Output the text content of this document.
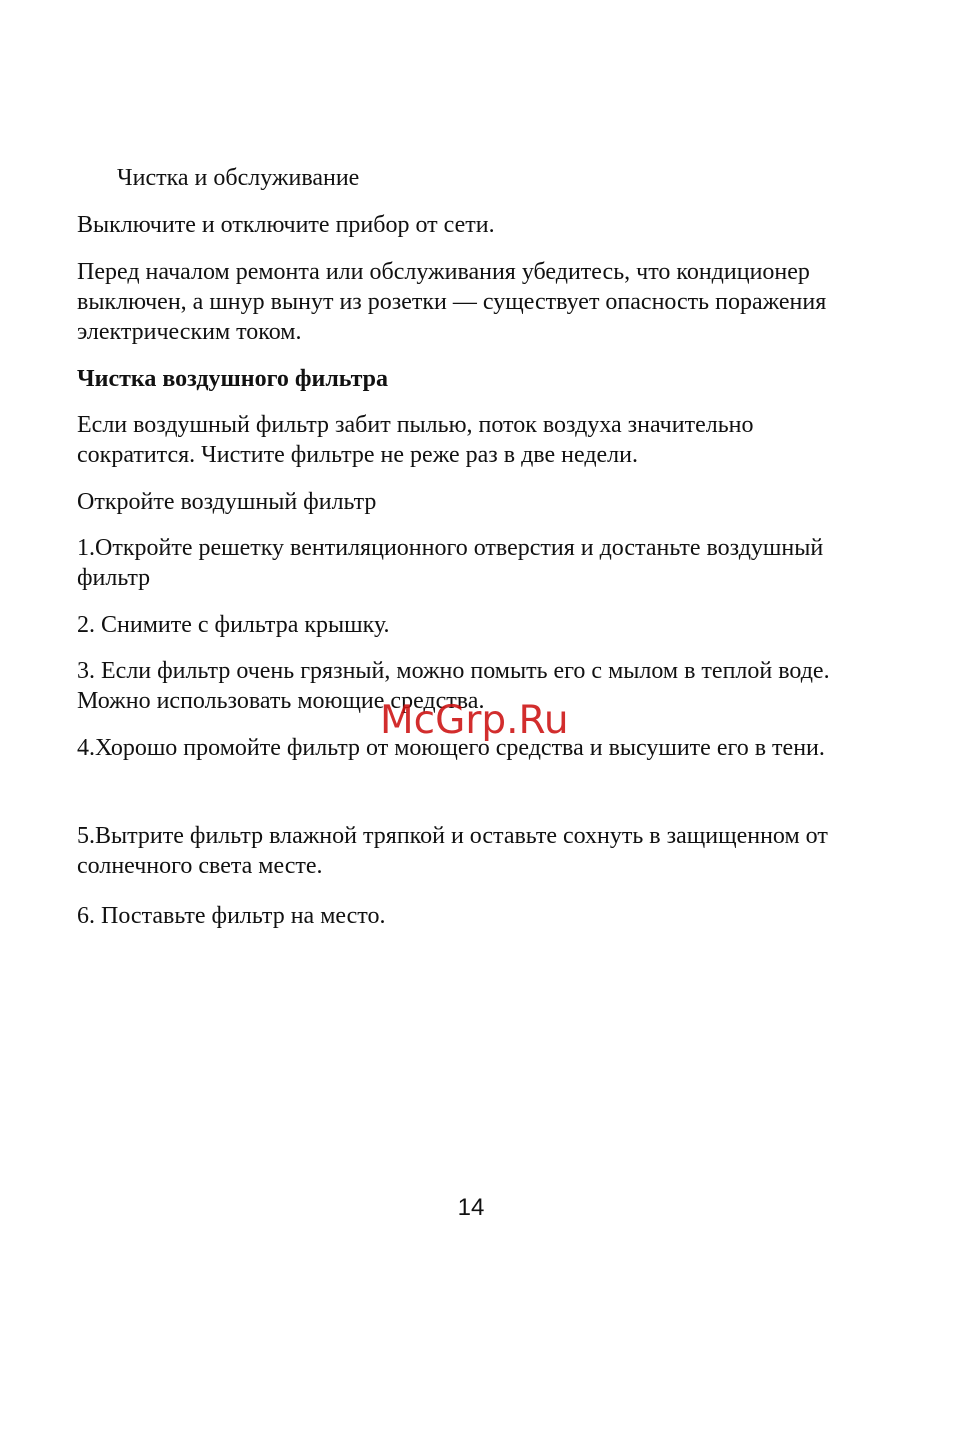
Чистка и обслуживание

Выключите и отключите прибор от сети.

Перед началом ремонта или обслуживания убедитесь, что кондиционер выключен, а шнур вынут из розетки — существует опасность поражения электрическим током.

Чистка воздушного фильтра

Если воздушный фильтр забит пылью, поток воздуха значительно сократится. Чистите фильтре не реже раз в две недели.

Откройте воздушный фильтр

1.Откройте решетку вентиляционного отверстия и достаньте воздушный фильтр

2. Снимите с фильтра крышку.

3. Если фильтр очень грязный, можно помыть его с мылом в теплой воде. Можно использовать моющие средства.

4.Хорошо промойте фильтр от моющего средства и высушите его в тени.

5.Вытрите фильтр влажной тряпкой и оставьте сохнуть в защищенном от солнечного света месте.

6. Поставьте фильтр на место.

McGrp.Ru
14
